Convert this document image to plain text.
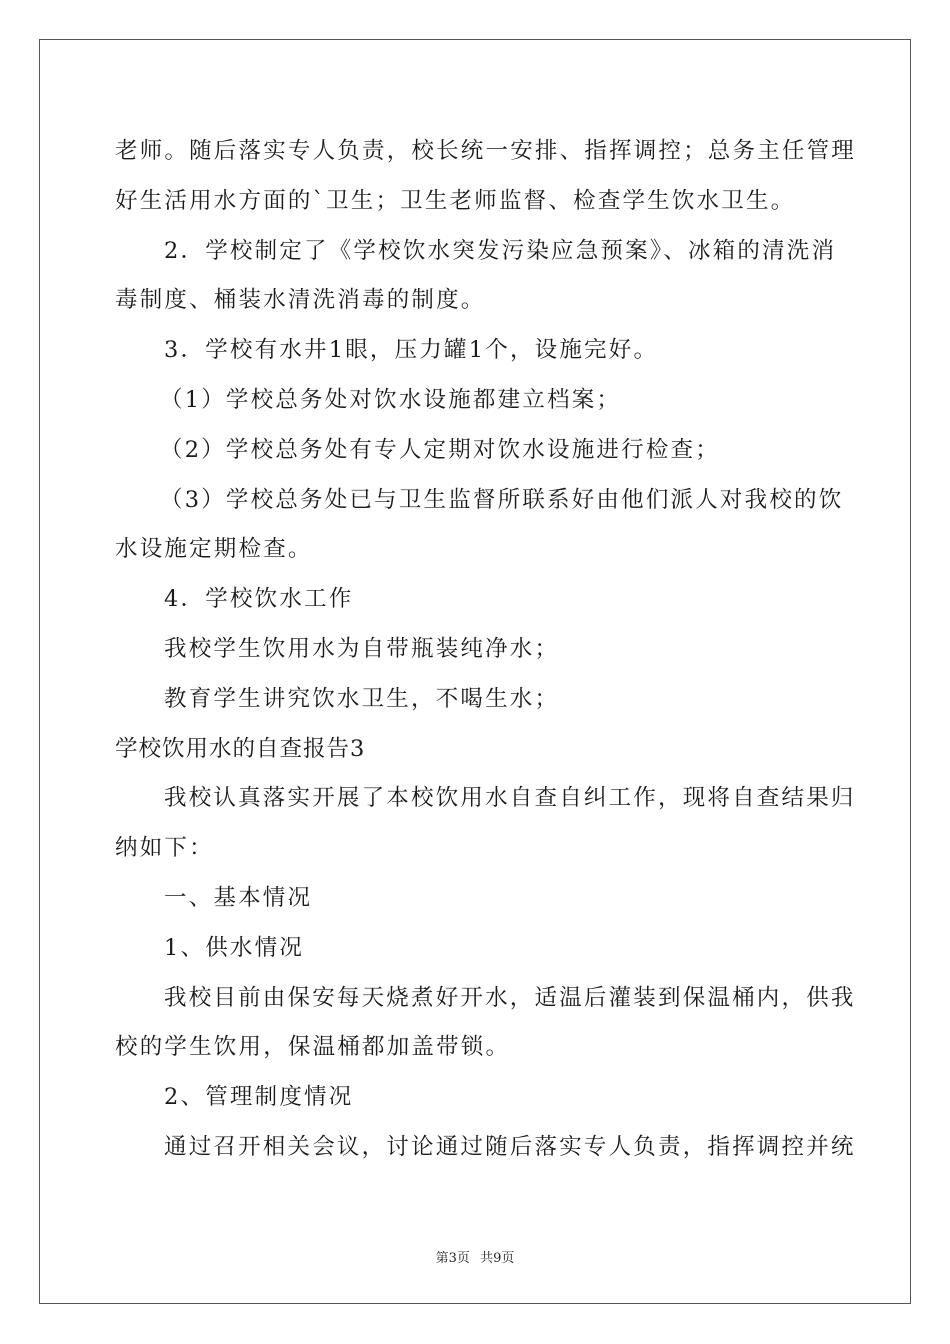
老师。随后落实专人负责，校长统一安排、指挥调控；总务主任管理
好生活用水方面的`卫生；卫生老师监督、检查学生饮水卫生。
2．学校制定了《学校饮水突发污染应急预案》、冰箱的清洗消
毒制度、桶装水清洗消毒的制度。
3．学校有水井1眼，压力罐1个，设施完好。
（1）学校总务处对饮水设施都建立档案；
（2）学校总务处有专人定期对饮水设施进行检查；
（3）学校总务处已与卫生监督所联系好由他们派人对我校的饮
水设施定期检查。
4．学校饮水工作
我校学生饮用水为自带瓶装纯净水；
教育学生讲究饮水卫生，不喝生水；
学校饮用水的自查报告3
我校认真落实开展了本校饮用水自查自纠工作，现将自查结果归
纳如下：
一、基本情况
1、供水情况
我校目前由保安每天烧煮好开水，适温后灌装到保温桶内，供我
校的学生饮用，保温桶都加盖带锁。
2、管理制度情况
通过召开相关会议，讨论通过随后落实专人负责，指挥调控并统
第3页 共9页
